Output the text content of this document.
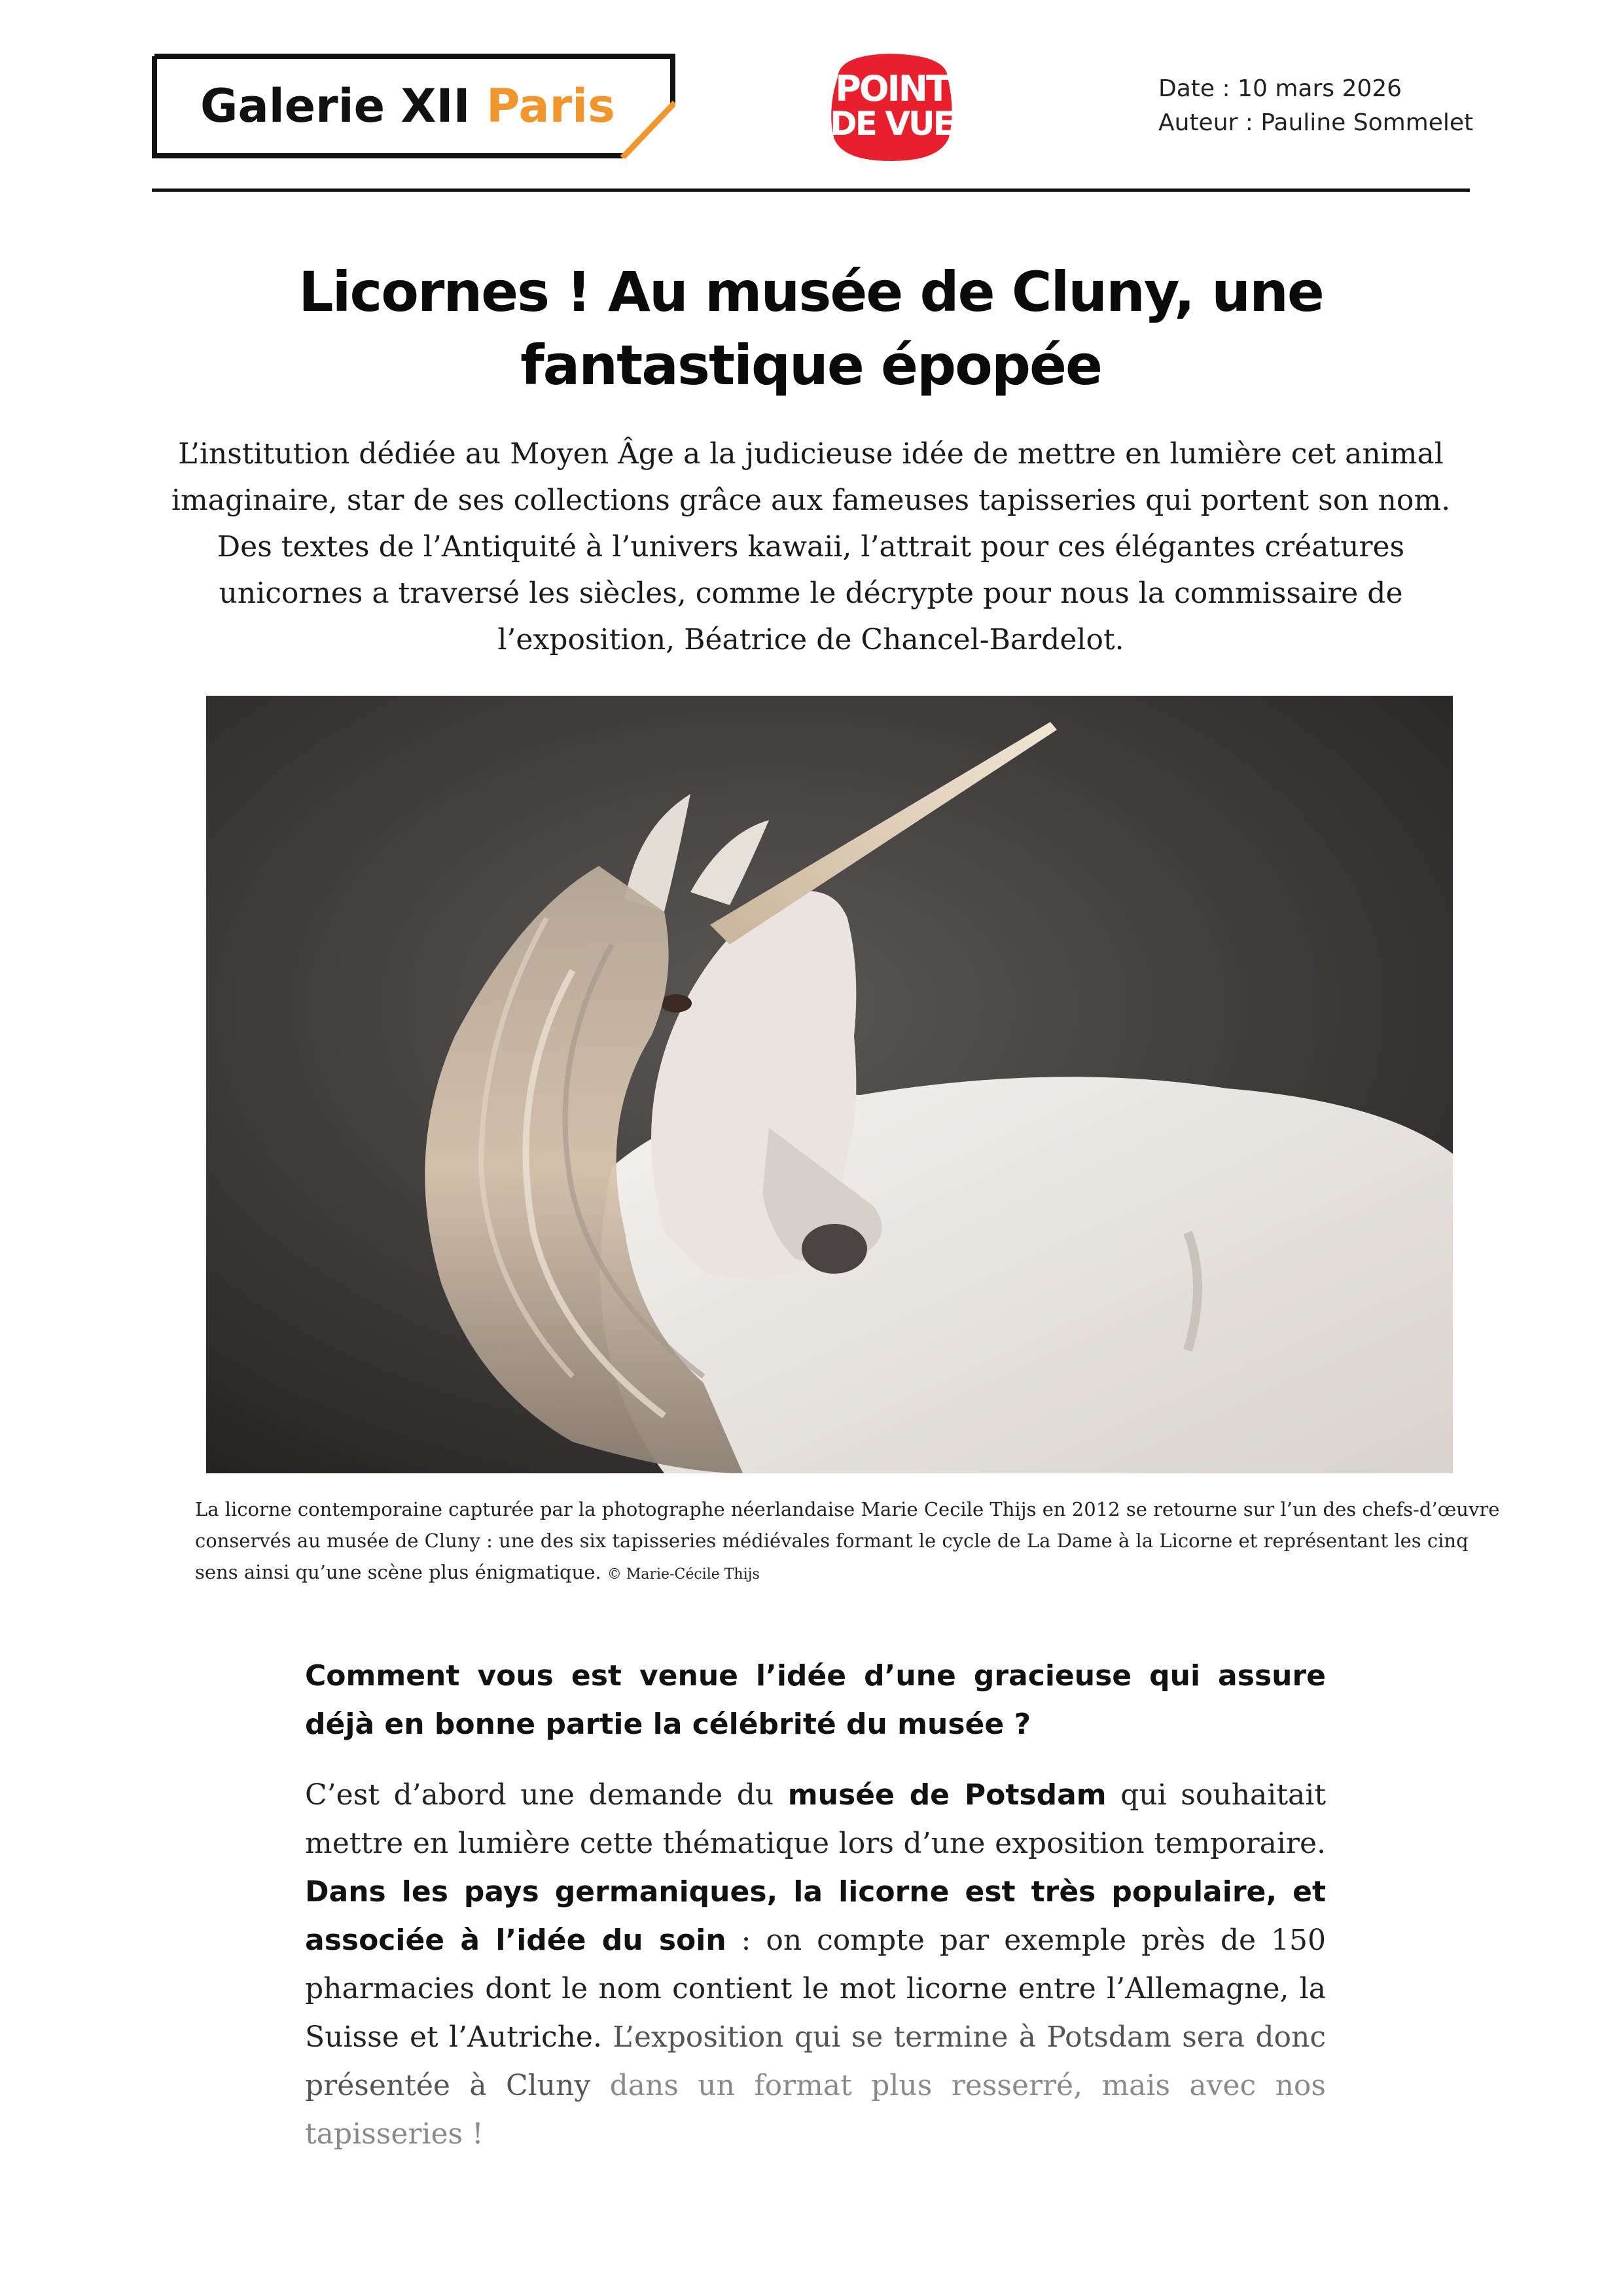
Galerie XII Paris	POINT
DE VUE
Date : 10 mars 2026
Auteur : Pauline Sommelet
Licornes ! Au musée de Cluny, une fantastique épopée
L’institution dédiée au Moyen Âge a la judicieuse idée de mettre en lumière cet animal imaginaire, star de ses collections grâce aux fameuses tapisseries qui portent son nom. Des textes de l’Antiquité à l’univers kawaii, l’attrait pour ces élégantes créatures unicornes a traversé les siècles, comme le décrypte pour nous la commissaire de l’exposition, Béatrice de Chancel-Bardelot.
La licorne contemporaine capturée par la photographe néerlandaise Marie Cecile Thijs en 2012 se retourne sur l’un des chefs-d’œuvre conservés au musée de Cluny : une des six tapisseries médiévales formant le cycle de La Dame à la Licorne et représentant les cinq sens ainsi qu’une scène plus énigmatique. © Marie-Cécile Thijs
Comment vous est venue l’idée d’une gracieuse qui assure déjà en bonne partie la célébrité du musée ?
C’est d’abord une demande du musée de Potsdam qui souhaitait mettre en lumière cette thématique lors d’une exposition temporaire. Dans les pays germaniques, la licorne est très populaire, et associée à l’idée du soin : on compte par exemple près de 150 pharmacies dont le nom contient le mot licorne entre l’Allemagne, la Suisse et l’Autriche. L’exposition qui se termine à Potsdam sera donc présentée à Cluny dans un format plus resserré, mais avec nos tapisseries !
